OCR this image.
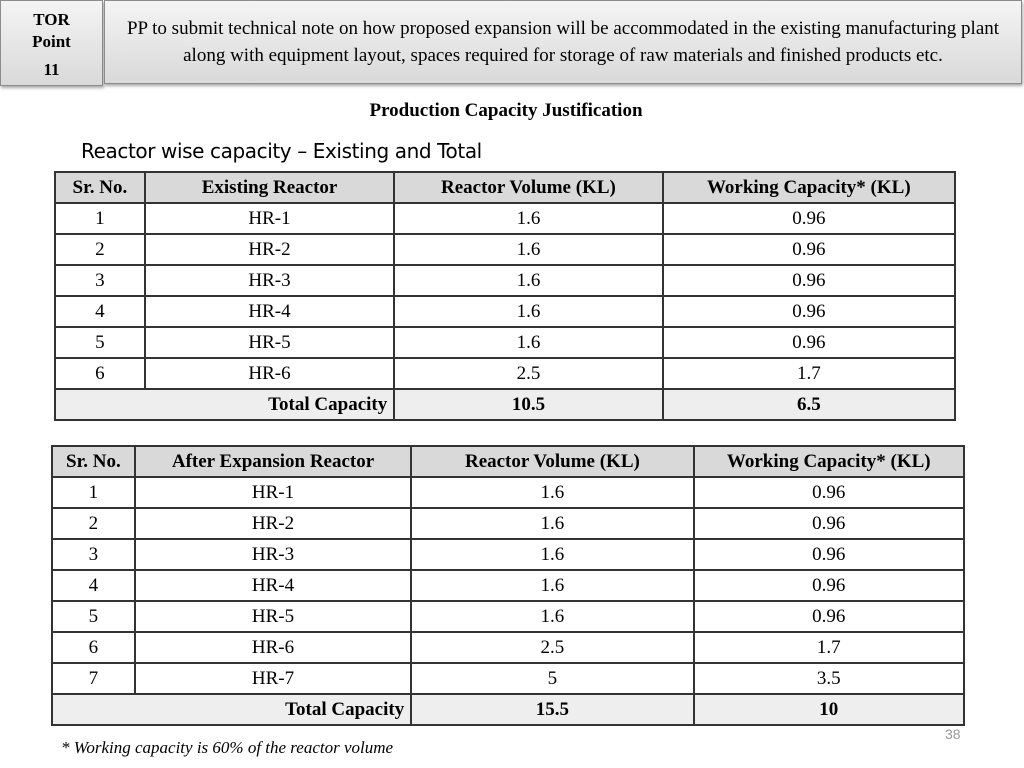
TOR
Point
11
PP to submit technical note on how proposed expansion will be accommodated in the existing manufacturing plant along with equipment layout, spaces required for storage of raw materials and finished products etc.
Production Capacity Justification
Reactor wise capacity – Existing and Total
Sr. No.	Existing Reactor	Reactor Volume (KL)	Working Capacity* (KL)
1	HR-1	1.6	0.96
2	HR-2	1.6	0.96
3	HR-3	1.6	0.96
4	HR-4	1.6	0.96
5	HR-5	1.6	0.96
6	HR-6	2.5	1.7
Total Capacity		10.5	6.5
Sr. No.	After Expansion Reactor	Reactor Volume (KL)	Working Capacity* (KL)
1	HR-1	1.6	0.96
2	HR-2	1.6	0.96
3	HR-3	1.6	0.96
4	HR-4	1.6	0.96
5	HR-5	1.6	0.96
6	HR-6	2.5	1.7
7	HR-7	5	3.5
Total Capacity		15.5	10
* Working capacity is 60% of the reactor volume
38
